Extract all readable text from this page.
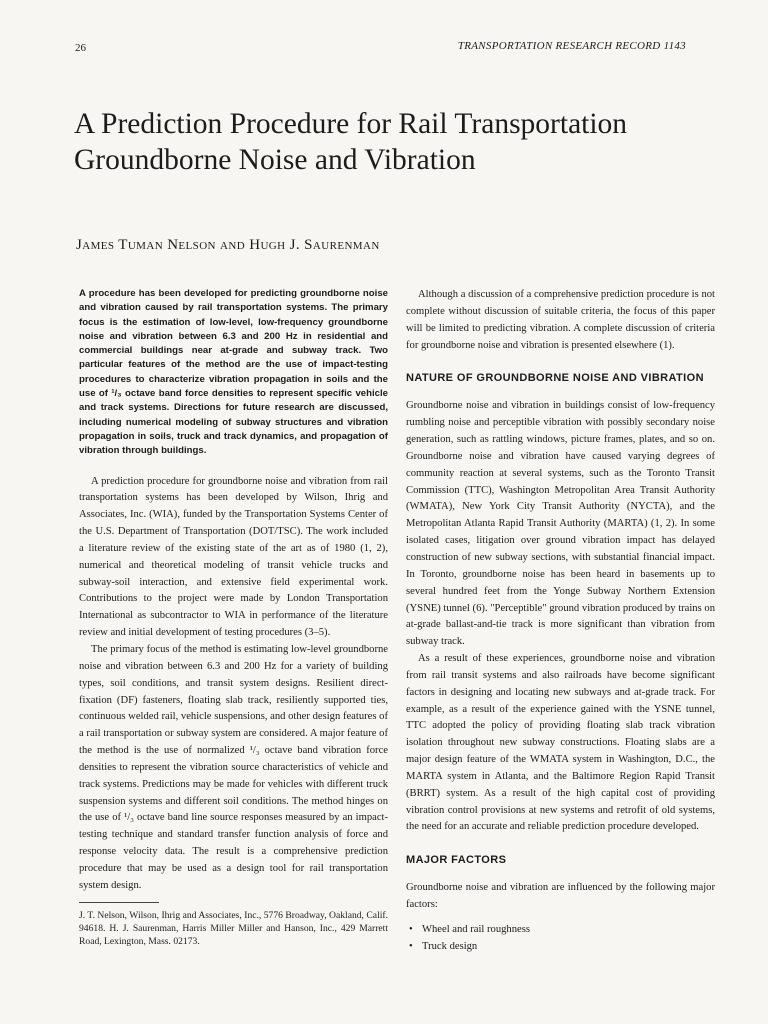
26	TRANSPORTATION RESEARCH RECORD 1143
A Prediction Procedure for Rail Transportation Groundborne Noise and Vibration
James Tuman Nelson and Hugh J. Saurenman

A procedure has been developed for predicting groundborne noise and vibration caused by rail transportation systems. The primary focus is the estimation of low-level, low-frequency groundborne noise and vibration between 6.3 and 200 Hz in residential and commercial buildings near at-grade and subway track. Two particular features of the method are the use of impact-testing procedures to characterize vibration propagation in soils and the use of ¹/₃ octave band force densities to represent specific vehicle and track systems. Directions for future research are discussed, including numerical modeling of subway structures and vibration propagation in soils, truck and track dynamics, and propagation of vibration through buildings.

A prediction procedure for groundborne noise and vibration from rail transportation systems has been developed by Wilson, Ihrig and Associates, Inc. (WIA), funded by the Transportation Systems Center of the U.S. Department of Transportation (DOT/TSC). The work included a literature review of the existing state of the art as of 1980 (1, 2), numerical and theoretical modeling of transit vehicle trucks and subway-soil interaction, and extensive field experimental work. Contributions to the project were made by London Transportation International as subcontractor to WIA in performance of the literature review and initial development of testing procedures (3–5).

The primary focus of the method is estimating low-level groundborne noise and vibration between 6.3 and 200 Hz for a variety of building types, soil conditions, and transit system designs. Resilient direct-fixation (DF) fasteners, floating slab track, resiliently supported ties, continuous welded rail, vehicle suspensions, and other design features of a rail transportation or subway system are considered. A major feature of the method is the use of normalized ¹/₃ octave band vibration force densities to represent the vibration source characteristics of vehicle and track systems. Predictions may be made for vehicles with different truck suspension systems and different soil conditions. The method hinges on the use of ¹/₃ octave band line source responses measured by an impact-testing technique and standard transfer function analysis of force and response velocity data. The result is a comprehensive prediction procedure that may be used as a design tool for rail transportation system design.

J. T. Nelson, Wilson, Ihrig and Associates, Inc., 5776 Broadway, Oakland, Calif. 94618. H. J. Saurenman, Harris Miller Miller and Hanson, Inc., 429 Marrett Road, Lexington, Mass. 02173.

Although a discussion of a comprehensive prediction procedure is not complete without discussion of suitable criteria, the focus of this paper will be limited to predicting vibration. A complete discussion of criteria for groundborne noise and vibration is presented elsewhere (1).

NATURE OF GROUNDBORNE NOISE AND VIBRATION

Groundborne noise and vibration in buildings consist of low-frequency rumbling noise and perceptible vibration with possibly secondary noise generation, such as rattling windows, picture frames, plates, and so on. Groundborne noise and vibration have caused varying degrees of community reaction at several systems, such as the Toronto Transit Commission (TTC), Washington Metropolitan Area Transit Authority (WMATA), New York City Transit Authority (NYCTA), and the Metropolitan Atlanta Rapid Transit Authority (MARTA) (1, 2). In some isolated cases, litigation over ground vibration impact has delayed construction of new subway sections, with substantial financial impact. In Toronto, groundborne noise has been heard in basements up to several hundred feet from the Yonge Subway Northern Extension (YSNE) tunnel (6). "Perceptible" ground vibration produced by trains on at-grade ballast-and-tie track is more significant than vibration from subway track.

As a result of these experiences, groundborne noise and vibration from rail transit systems and also railroads have become significant factors in designing and locating new subways and at-grade track. For example, as a result of the experience gained with the YSNE tunnel, TTC adopted the policy of providing floating slab track vibration isolation throughout new subway constructions. Floating slabs are a major design feature of the WMATA system in Washington, D.C., the MARTA system in Atlanta, and the Baltimore Region Rapid Transit (BRRT) system. As a result of the high capital cost of providing vibration control provisions at new systems and retrofit of old systems, the need for an accurate and reliable prediction procedure developed.

MAJOR FACTORS

Groundborne noise and vibration are influenced by the following major factors:

• Wheel and rail roughness
• Truck design
